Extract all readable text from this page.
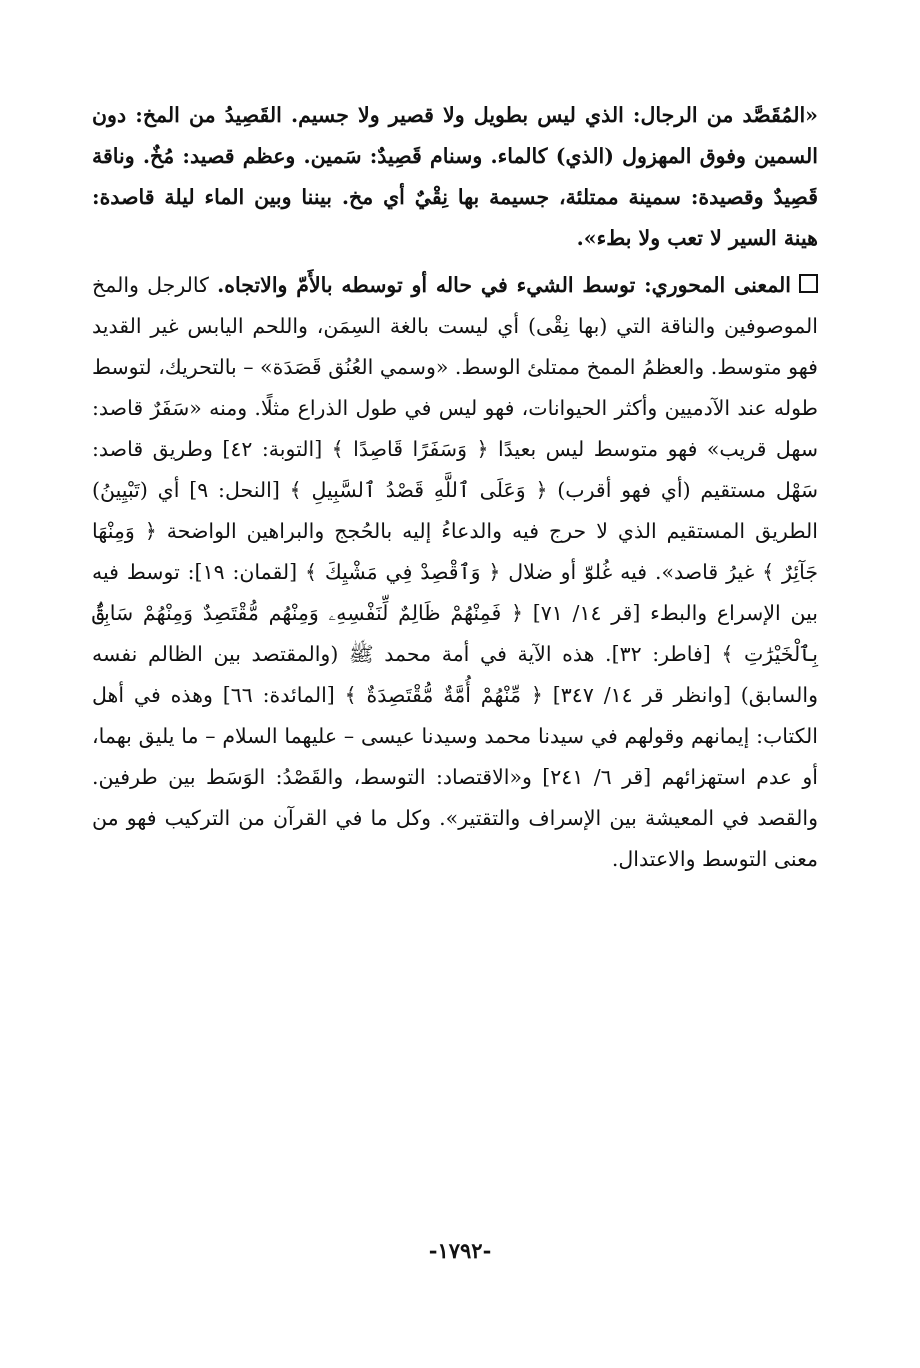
«المُقَصَّد من الرجال: الذي ليس بطويل ولا قصير ولا جسيم. القَصِيدُ من المخ: دون السمين وفوق المهزول (الذي) كالماء. وسنام قَصِيدٌ: سَمين. وعظم قصيد: مُخٌ. وناقة قَصِيدٌ وقصيدة: سمينة ممتلئة، جسيمة بها نِقْيٌ أي مخ. بيننا وبين الماء ليلة قاصدة: هينة السير لا تعب ولا بطء».

المعنى المحوري: توسط الشيء في حاله أو توسطه بالأَمّ والاتجاه. كالرجل والمخ الموصوفين والناقة التي (بها نِقْى) أي ليست بالغة السِمَن، واللحم اليابس غير القديد فهو متوسط. والعظمُ الممخ ممتلئ الوسط. «وسمي العُنُق قَصَدَة» – بالتحريك، لتوسط طوله عند الآدميين وأكثر الحيوانات، فهو ليس في طول الذراع مثلًا. ومنه «سَفَرٌ قاصد: سهل قريب» فهو متوسط ليس بعيدًا ﴿ وَسَفَرًا قَاصِدًا ﴾ [التوبة: ٤٢] وطريق قاصد: سَهْل مستقيم (أي فهو أقرب) ﴿ وَعَلَى ٱللَّهِ قَصْدُ ٱلسَّبِيلِ ﴾ [النحل: ٩] أي (تَبْيِينُ) الطريق المستقيم الذي لا حرج فيه والدعاءُ إليه بالحُجج والبراهين الواضحة ﴿ وَمِنْهَا جَآئِرٌ ﴾ غيرُ قاصد». فيه غُلوّ أو ضلال ﴿ وَٱقْصِدْ فِي مَشْيِكَ ﴾ [لقمان: ١٩]: توسط فيه بين الإسراع والبطء [قر ١٤/ ٧١] ﴿ فَمِنْهُمْ ظَالِمٌ لِّنَفْسِهِۦ وَمِنْهُم مُّقْتَصِدٌ وَمِنْهُمْ سَابِقٌۢ بِٱلْخَيْرَٰتِ ﴾ [فاطر: ٣٢]. هذه الآية في أمة محمد ﷺ (والمقتصد بين الظالم نفسه والسابق) [وانظر قر ١٤/ ٣٤٧] ﴿ مِّنْهُمْ أُمَّةٌ مُّقْتَصِدَةٌ ﴾ [المائدة: ٦٦] وهذه في أهل الكتاب: إيمانهم وقولهم في سيدنا محمد وسيدنا عيسى – عليهما السلام – ما يليق بهما، أو عدم استهزائهم [قر ٦/ ٢٤١] و«الاقتصاد: التوسط، والقَصْدُ: الوَسَط بين طرفين. والقصد في المعيشة بين الإسراف والتقتير». وكل ما في القرآن من التركيب فهو من معنى التوسط والاعتدال.

-١٧٩٢-
